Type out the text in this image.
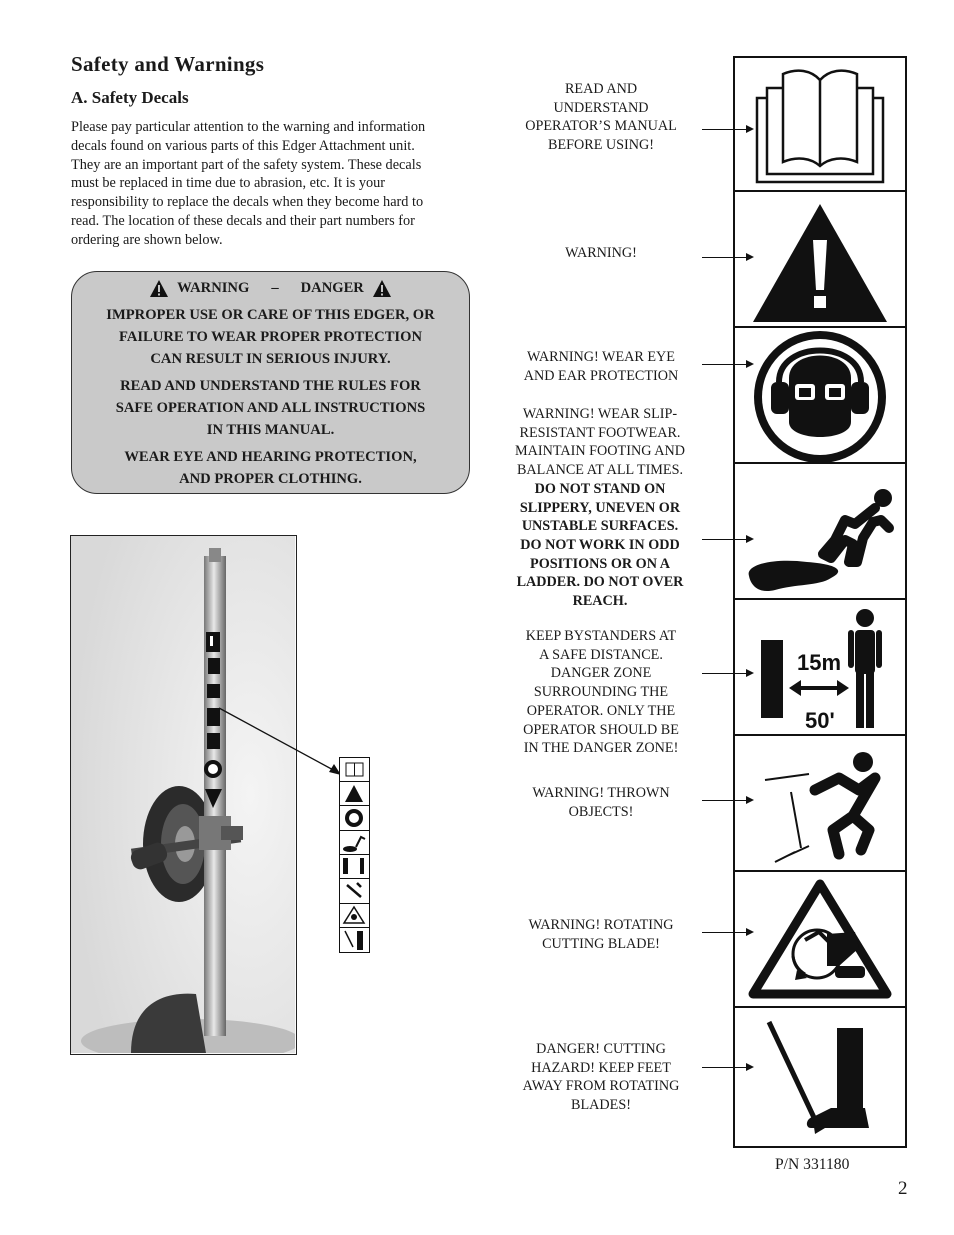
Safety and Warnings
A. Safety Decals
Please pay particular attention to the warning and information
decals found on various parts of this Edger Attachment unit.
They are an important part of the safety system. These decals
must be replaced in time due to abrasion, etc. It is your
responsibility to replace the decals when they become hard to
read. The location of these decals and their part numbers for
ordering are shown below.
WARNING – DANGER
IMPROPER USE OR CARE OF THIS EDGER, OR
FAILURE TO WEAR PROPER PROTECTION
CAN RESULT IN SERIOUS INJURY.
READ AND UNDERSTAND THE RULES FOR
SAFE OPERATION AND ALL INSTRUCTIONS
IN THIS MANUAL.
WEAR EYE AND HEARING PROTECTION,
AND PROPER CLOTHING.
READ AND
UNDERSTAND
OPERATOR’S MANUAL
BEFORE USING!
WARNING!
WARNING! WEAR EYE
AND EAR PROTECTION
WARNING! WEAR SLIP-
RESISTANT FOOTWEAR.
MAINTAIN FOOTING AND
BALANCE AT ALL TIMES.
DO NOT STAND ON
SLIPPERY, UNEVEN OR
UNSTABLE SURFACES.
DO NOT WORK IN ODD
POSITIONS OR ON A
LADDER. DO NOT OVER
REACH.
KEEP BYSTANDERS AT
A SAFE DISTANCE.
DANGER ZONE
SURROUNDING THE
OPERATOR. ONLY THE
OPERATOR SHOULD BE
IN THE DANGER ZONE!
WARNING! THROWN
OBJECTS!
WARNING! ROTATING
CUTTING BLADE!
DANGER! CUTTING
HAZARD! KEEP FEET
AWAY FROM ROTATING
BLADES!
15m
50'
P/N 331180
2
